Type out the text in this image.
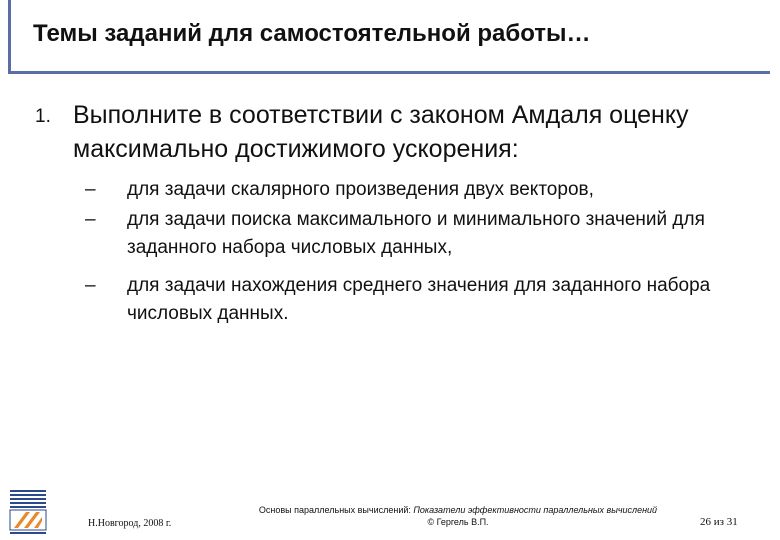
Темы заданий для самостоятельной работы…
1. Выполните в соответствии с законом Амдаля оценку максимально достижимого ускорения:
– для задачи скалярного произведения двух векторов,
– для задачи поиска максимального и минимального значений для заданного набора числовых данных,
– для задачи нахождения среднего значения для заданного набора числовых данных.
Н.Новгород, 2008 г.
Основы параллельных вычислений: Показатели эффективности параллельных вычислений
© Гергель В.П.	26 из 31
